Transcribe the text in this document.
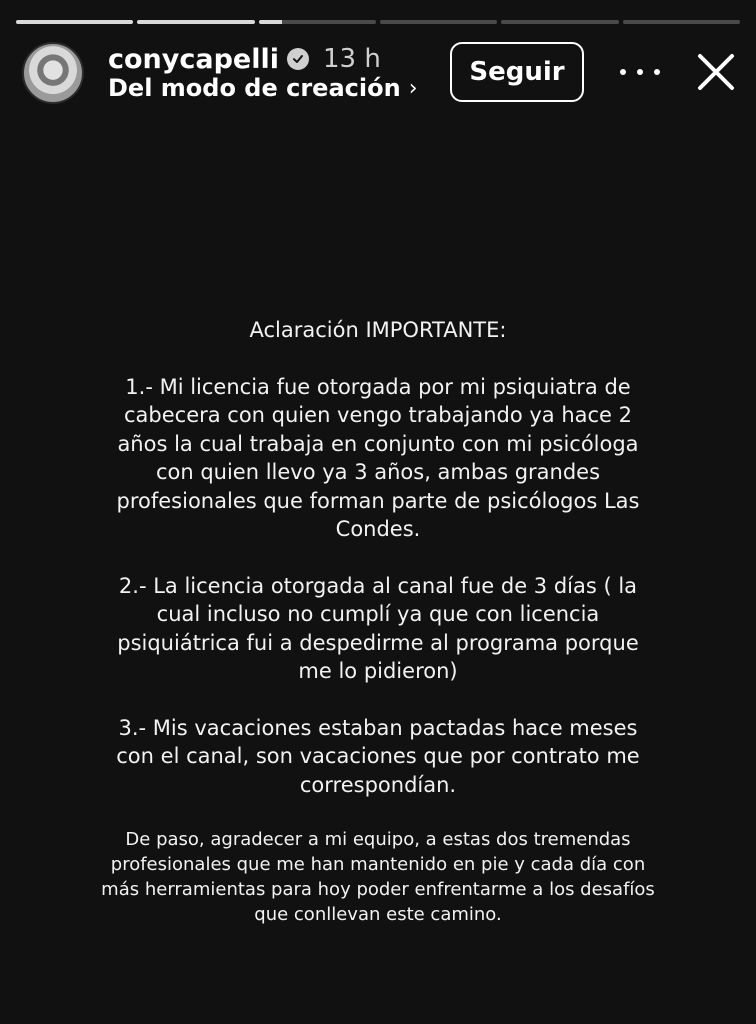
conycapelli 13 h
Del modo de creación ›
Seguir

Aclaración IMPORTANTE:

1.- Mi licencia fue otorgada por mi psiquiatra de cabecera con quien vengo trabajando ya hace 2 años la cual trabaja en conjunto con mi psicóloga con quien llevo ya 3 años, ambas grandes profesionales que forman parte de psicólogos Las Condes.

2.- La licencia otorgada al canal fue de 3 días ( la cual incluso no cumplí ya que con licencia psiquiátrica fui a despedirme al programa porque me lo pidieron)

3.- Mis vacaciones estaban pactadas hace meses con el canal, son vacaciones que por contrato me correspondían.

De paso, agradecer a mi equipo, a estas dos tremendas profesionales que me han mantenido en pie y cada día con más herramientas para hoy poder enfrentarme a los desafíos que conllevan este camino.
